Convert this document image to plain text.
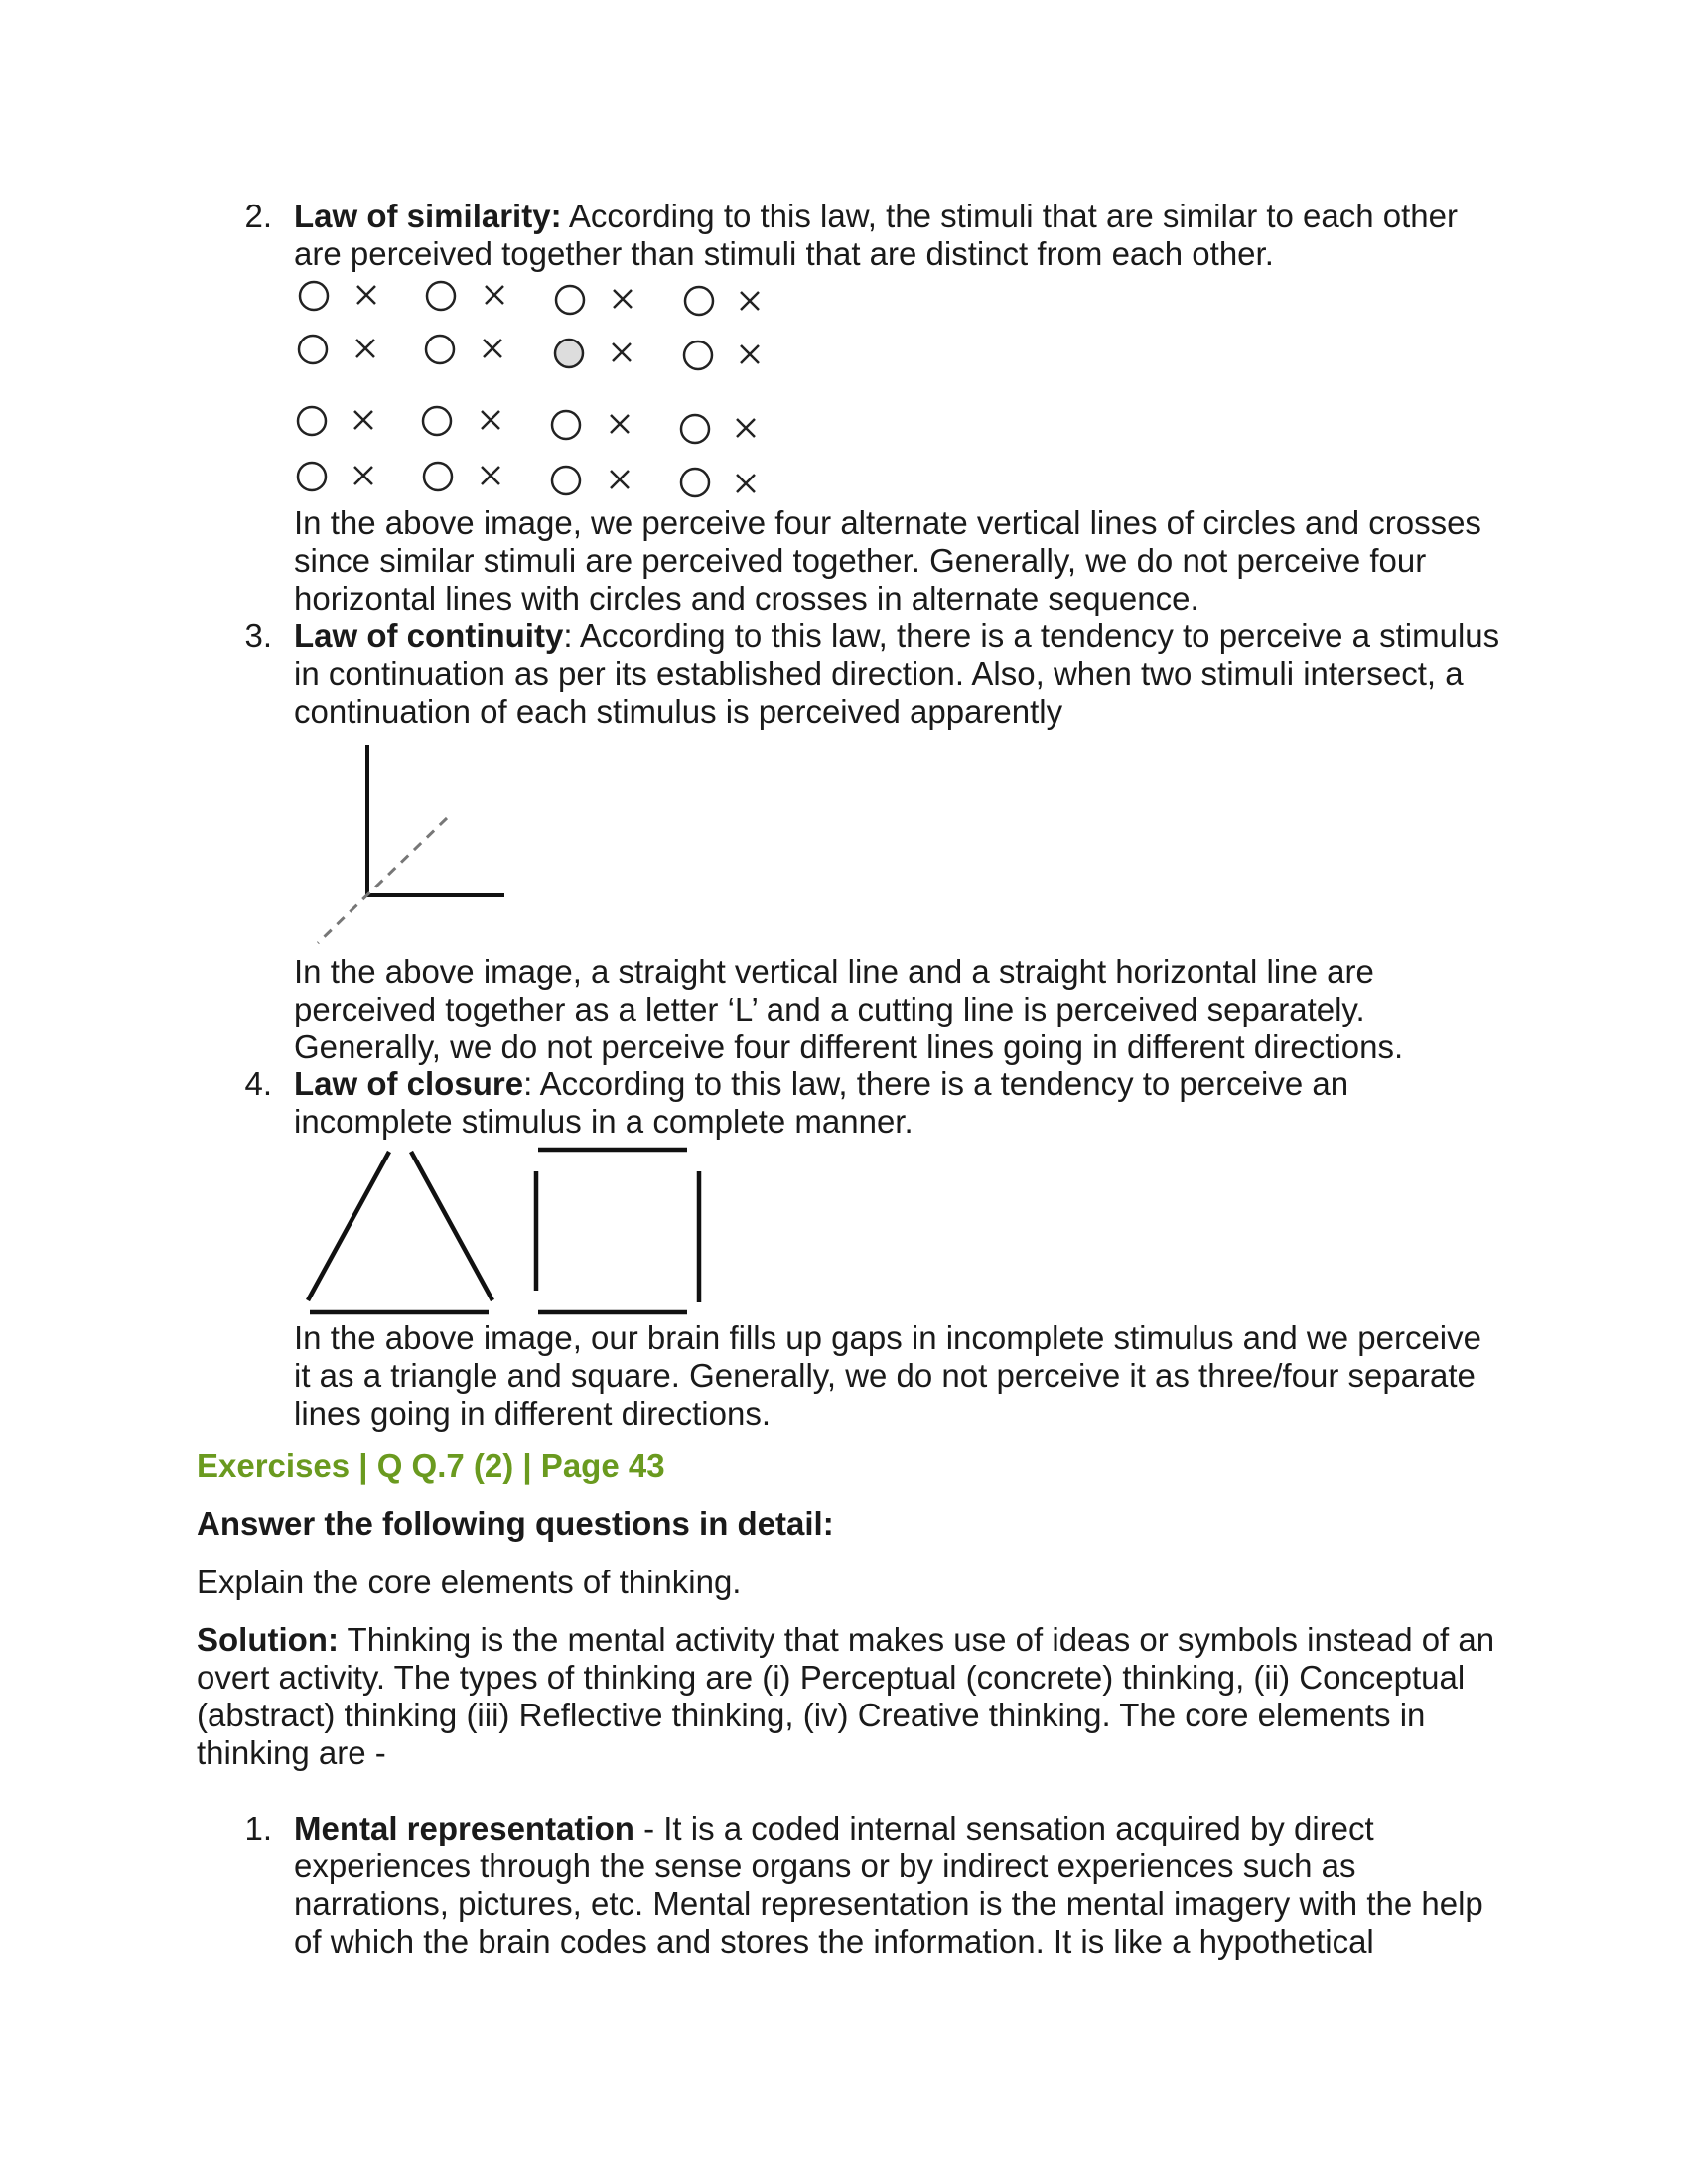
2. Law of similarity: According to this law, the stimuli that are similar to each other are perceived together than stimuli that are distinct from each other.
In the above image, we perceive four alternate vertical lines of circles and crosses since similar stimuli are perceived together. Generally, we do not perceive four horizontal lines with circles and crosses in alternate sequence.
3. Law of continuity: According to this law, there is a tendency to perceive a stimulus in continuation as per its established direction. Also, when two stimuli intersect, a continuation of each stimulus is perceived apparently
In the above image, a straight vertical line and a straight horizontal line are perceived together as a letter ‘L’ and a cutting line is perceived separately. Generally, we do not perceive four different lines going in different directions.
4. Law of closure: According to this law, there is a tendency to perceive an incomplete stimulus in a complete manner.
In the above image, our brain fills up gaps in incomplete stimulus and we perceive it as a triangle and square. Generally, we do not perceive it as three/four separate lines going in different directions.
Exercises | Q Q.7 (2) | Page 43
Answer the following questions in detail:
Explain the core elements of thinking.
Solution: Thinking is the mental activity that makes use of ideas or symbols instead of an overt activity. The types of thinking are (i) Perceptual (concrete) thinking, (ii) Conceptual (abstract) thinking (iii) Reflective thinking, (iv) Creative thinking. The core elements in thinking are -
1. Mental representation - It is a coded internal sensation acquired by direct experiences through the sense organs or by indirect experiences such as narrations, pictures, etc. Mental representation is the mental imagery with the help of which the brain codes and stores the information. It is like a hypothetical
